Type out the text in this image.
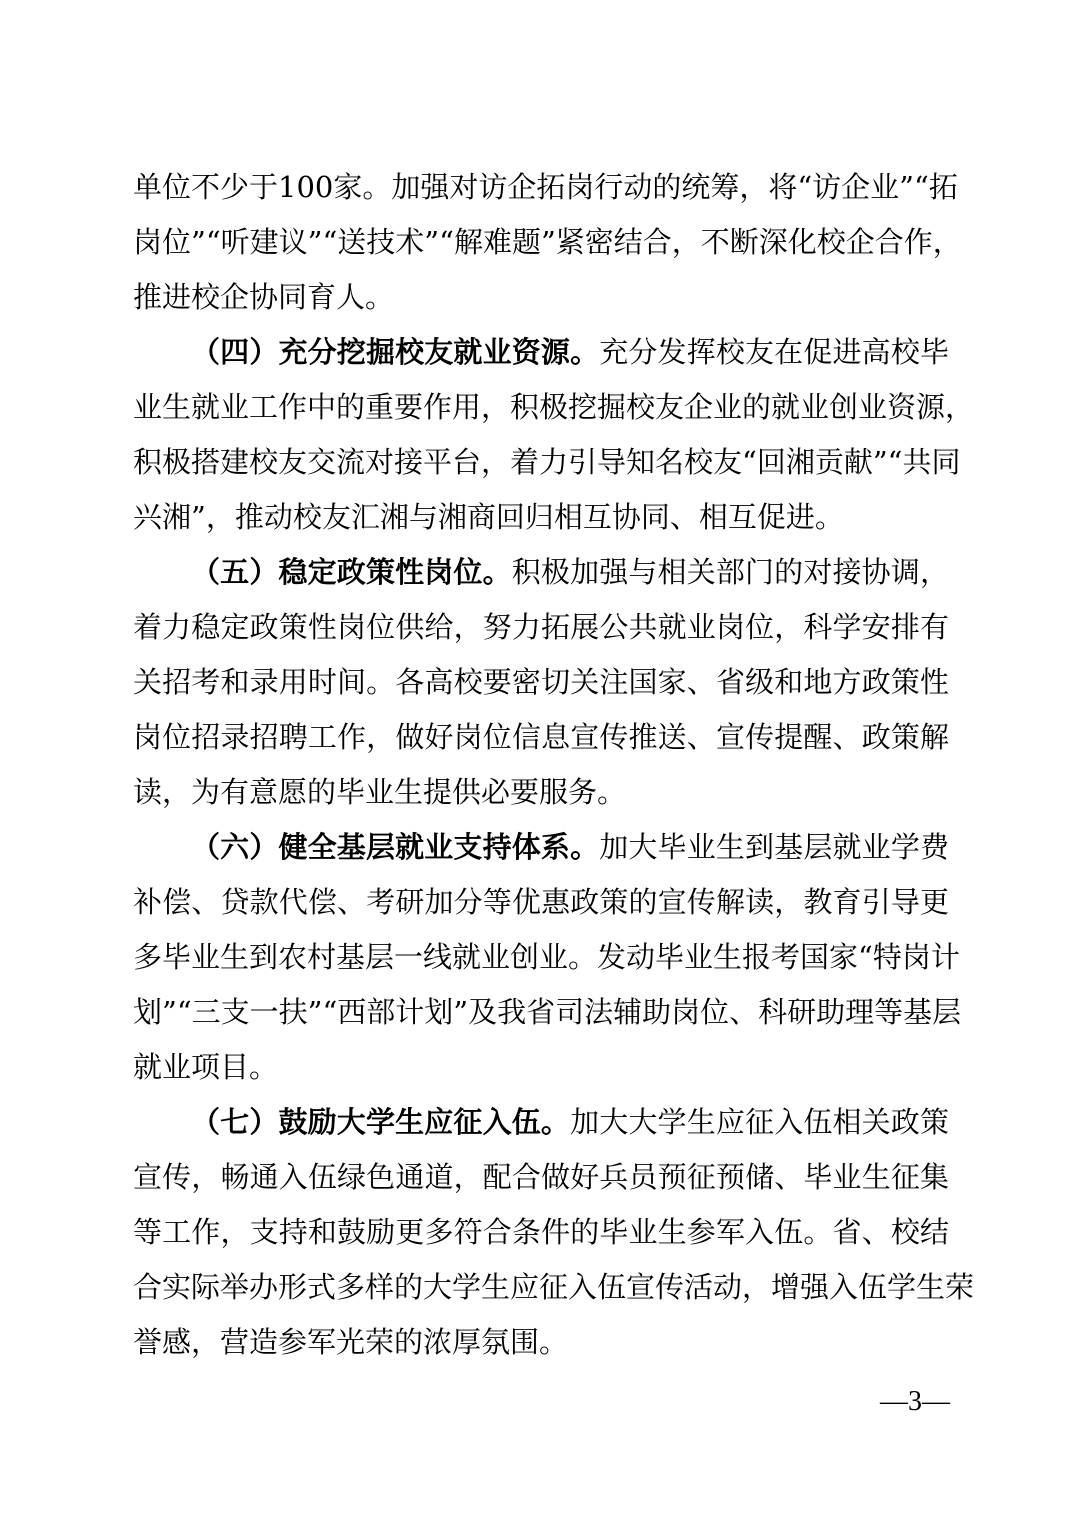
单位不少于100家。加强对访企拓岗行动的统筹，将“访企业”“拓
岗位”“听建议”“送技术”“解难题”紧密结合，不断深化校企合作，
推进校企协同育人。
（四）充分挖掘校友就业资源。充分发挥校友在促进高校毕
业生就业工作中的重要作用，积极挖掘校友企业的就业创业资源，
积极搭建校友交流对接平台，着力引导知名校友“回湘贡献”“共同
兴湘”，推动校友汇湘与湘商回归相互协同、相互促进。
（五）稳定政策性岗位。积极加强与相关部门的对接协调，
着力稳定政策性岗位供给，努力拓展公共就业岗位，科学安排有
关招考和录用时间。各高校要密切关注国家、省级和地方政策性
岗位招录招聘工作，做好岗位信息宣传推送、宣传提醒、政策解
读，为有意愿的毕业生提供必要服务。
（六）健全基层就业支持体系。加大毕业生到基层就业学费
补偿、贷款代偿、考研加分等优惠政策的宣传解读，教育引导更
多毕业生到农村基层一线就业创业。发动毕业生报考国家“特岗计
划”“三支一扶”“西部计划”及我省司法辅助岗位、科研助理等基层
就业项目。
（七）鼓励大学生应征入伍。加大大学生应征入伍相关政策
宣传，畅通入伍绿色通道，配合做好兵员预征预储、毕业生征集
等工作，支持和鼓励更多符合条件的毕业生参军入伍。省、校结
合实际举办形式多样的大学生应征入伍宣传活动，增强入伍学生荣
誉感，营造参军光荣的浓厚氛围。
—3—
